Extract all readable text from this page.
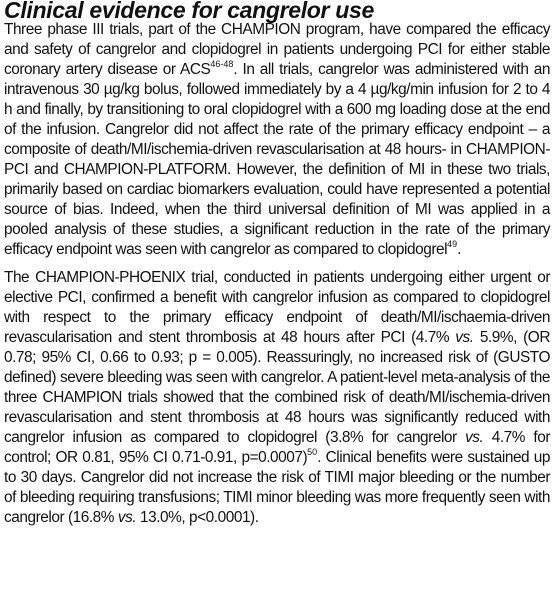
Clinical evidence for cangrelor use

Three phase III trials, part of the CHAMPION program, have compared the efficacy and safety of cangrelor and clopidogrel in patients undergoing PCI for either stable coronary artery disease or ACS$^{46-48}$. In all trials, cangrelor was administered with an intravenous 30 µg/kg bolus, followed immediately by a 4 µg/kg/min infusion for 2 to 4 h and finally, by transitioning to oral clopidogrel with a 600 mg loading dose at the end of the infusion. Cangrelor did not affect the rate of the primary efficacy endpoint – a composite of death/MI/ischemia-driven revascularisation at 48 hours- in CHAMPION-PCI and CHAMPION-PLATFORM. However, the definition of MI in these two trials, primarily based on cardiac biomarkers evaluation, could have represented a potential source of bias. Indeed, when the third universal definition of MI was applied in a pooled analysis of these studies, a significant reduction in the rate of the primary efficacy endpoint was seen with cangrelor as compared to clopidogrel$^{49}$.

The CHAMPION-PHOENIX trial, conducted in patients undergoing either urgent or elective PCI, confirmed a benefit with cangrelor infusion as compared to clopidogrel with respect to the primary efficacy endpoint of death/MI/ischaemia-driven revascularisation and stent thrombosis at 48 hours after PCI (4.7% vs. 5.9%, (OR 0.78; 95% CI, 0.66 to 0.93; p = 0.005). Reassuringly, no increased risk of (GUSTO defined) severe bleeding was seen with cangrelor. A patient-level meta-analysis of the three CHAMPION trials showed that the combined risk of death/MI/ischemia-driven revascularisation and stent thrombosis at 48 hours was significantly reduced with cangrelor infusion as compared to clopidogrel (3.8% for cangrelor vs. 4.7% for control; OR 0.81, 95% CI 0.71-0.91, p=0.0007)$^{50}$. Clinical benefits were sustained up to 30 days. Cangrelor did not increase the risk of TIMI major bleeding or the number of bleeding requiring transfusions; TIMI minor bleeding was more frequently seen with cangrelor (16.8% vs. 13.0%, p<0.0001).
